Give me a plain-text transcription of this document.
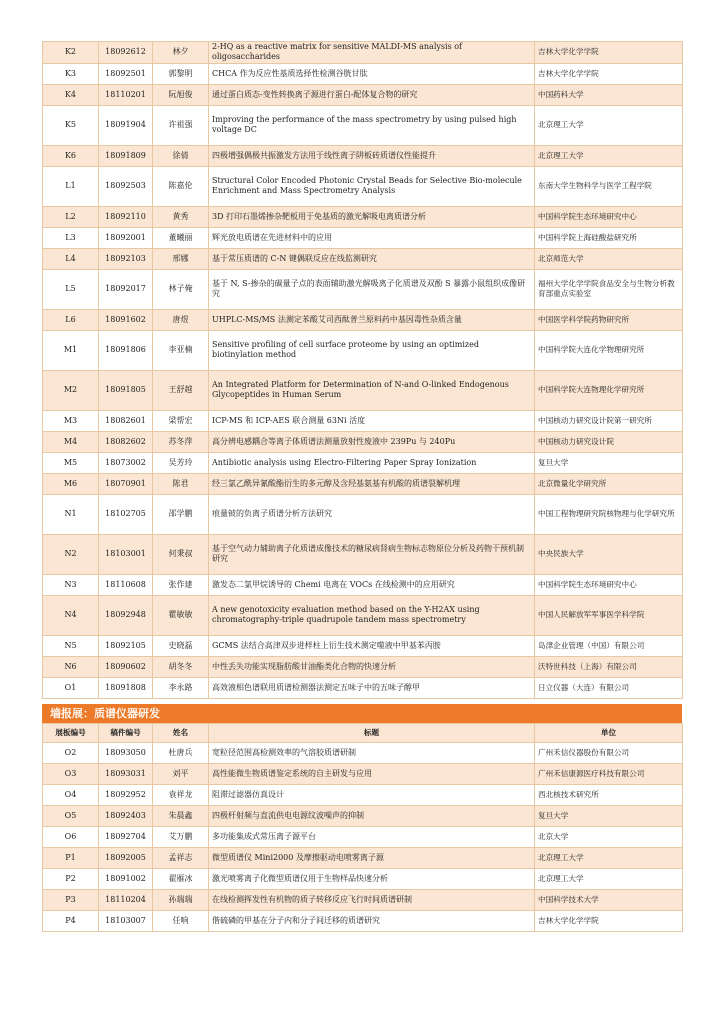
K2	18092612	林夕	2-HQ as a reactive matrix for sensitive MALDI-MS analysis of oligosaccharides	吉林大学化学学院
K3	18092501	郭黎明	CHCA 作为反应性基质选择性检测谷胱甘肽	吉林大学化学学院
K4	18110201	阮旭俊	通过蛋白质态-变性转换离子源进行蛋白-配体复合物的研究	中国药科大学
K5	18091904	许祖强	Improving the performance of the mass spectrometry by using pulsed high voltage DC	北京理工大学
K6	18091809	徐倩	四极增强偶极共振激发方法用于线性离子阱板砖质谱仪性能提升	北京理工大学
L1	18092503	陈嘉伦	Structural Color Encoded Photonic Crystal Beads for Selective Bio-molecule Enrichment and Mass Spectrometry Analysis	东南大学生物科学与医学工程学院
L2	18092110	黄秀	3D 打印石墨烯掺杂靶板用于免基质的激光解吸电离质谱分析	中国科学院生态环境研究中心
L3	18092001	董曦丽	辉光放电质谱在先进材料中的应用	中国科学院上海硅酸盐研究所
L4	18092103	邢娜	基于常压质谱的 C-N 键偶联反应在线监测研究	北京师范大学
L5	18092017	林子俺	基于 N, S-掺杂的碳量子点的表面辅助激光解吸离子化质谱及双酚 S 暴露小鼠组织成像研究	福州大学化学学院食品安全与生物分析教育部重点实验室
L6	18091602	唐煜	UHPLC-MS/MS 法测定苯酸艾司西酞普兰原料药中基因毒性杂质含量	中国医学科学院药物研究所
M1	18091806	李亚楠	Sensitive profiling of cell surface proteome by using an optimized biotinylation method	中国科学院大连化学物理研究所
M2	18091805	王舒越	An Integrated Platform for Determination of N-and O-linked Endogenous Glycopeptides in Human Serum	中国科学院大连物理化学研究所
M3	18082601	梁帮宏	ICP-MS 和 ICP-AES 联合测量 63Ni 活度	中国核动力研究设计院第一研究所
M4	18082602	苏冬萍	高分辨电感耦合等离子体质谱法测量放射性废液中 239Pu 与 240Pu	中国核动力研究设计院
M5	18073002	吴芳玲	Antibiotic analysis using Electro-Filtering Paper Spray Ionization	复旦大学
M6	18070901	陈君	经三氯乙酰异氰酸酯衍生的多元醇及含羟基氨基有机酸的质谱裂解机理	北京微量化学研究所
N1	18102705	邵学鹏	痕量铍的负离子质谱分析方法研究	中国工程物理研究院核物理与化学研究所
N2	18103001	何秉叔	基于空气动力辅助离子化质谱成像技术的糖尿病肾病生物标志物原位分析及药物干预机制研究	中央民族大学
N3	18110608	张作建	激发态二氯甲烷诱导的 Chemi 电离在 VOCs 在线检测中的应用研究	中国科学院生态环境研究中心
N4	18092948	瞿敏敏	A new genotoxicity evaluation method based on the Y-H2AX using chromatography-triple quadrupole tandem mass spectrometry	中国人民解放军军事医学科学院
N5	18092105	史晓磊	GCMS 法结合高津双步进样柱上衍生技术测定噬液中甲基苯丙胺	岛津企业管理（中国）有限公司
N6	18090602	胡冬冬	中性丢失功能实现脂肪酸甘油酯类化合物的快速分析	沃特世科技（上海）有限公司
O1	18091808	李永路	高效液相色谱联用质谱检测器法测定五味子中的五味子醇甲	日立仪器（大连）有限公司
墙报展：质谱仪器研发
展板编号	稿件编号	姓名	标题	单位
O2	18093050	杜唐兵	宽粒径范围高检测效率的气溶胶质谱研制	广州禾信仪器股份有限公司
O3	18093031	刘平	高性能微生物质谱鉴定系统的自主研发与应用	广州禾信康源医疗科技有限公司
O4	18092952	袁祥龙	阻滞过滤器仿真设计	西北核技术研究所
O5	18092403	朱晨鑫	四极杆射频与直流供电电源纹波噪声的抑制	复旦大学
O6	18092704	艾万鹏	多功能集成式常压离子源平台	北京大学
P1	18092005	孟祥志	微型质谱仪 Mini2000 及摩擦驱动电喷雾离子源	北京理工大学
P2	18091002	翟雁冰	激光喷雾离子化微型质谱仪用于生物样品快速分析	北京理工大学
P3	18110204	孙瑞瑞	在线检测挥发性有机物的质子转移反应飞行时间质谱研制	中国科学技术大学
P4	18103007	任响	偕硫磷的甲基在分子内和分子间迁移的质谱研究	吉林大学化学学院
